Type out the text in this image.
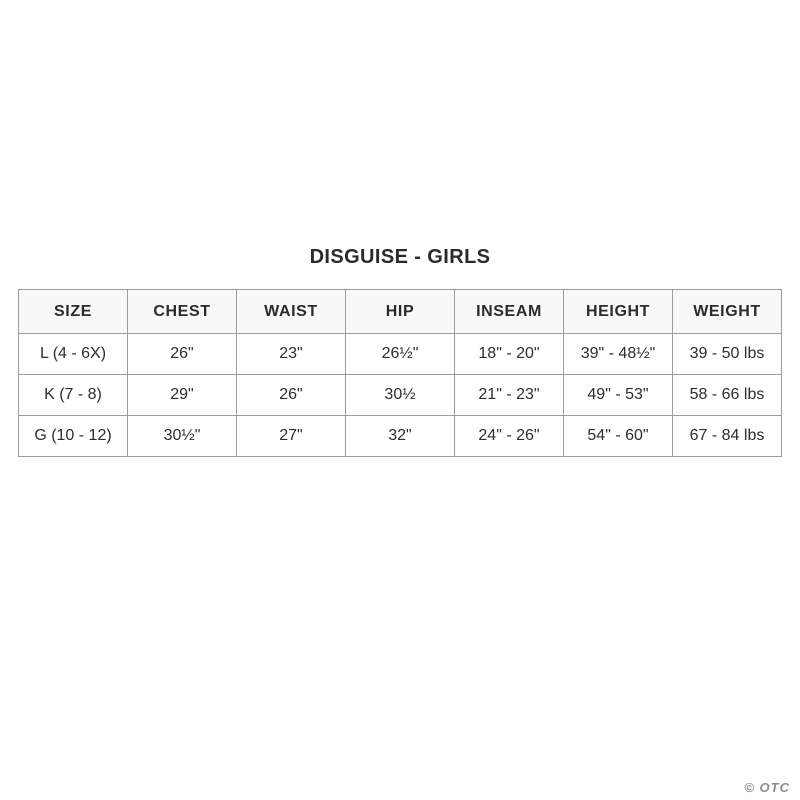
DISGUISE - GIRLS
SIZE	CHEST	WAIST	HIP	INSEAM	HEIGHT	WEIGHT
L (4 - 6X)	26"	23"	26½"	18" - 20"	39" - 48½"	39 - 50 lbs
K (7 - 8)	29"	26"	30½	21" - 23"	49" - 53"	58 - 66 lbs
G (10 - 12)	30½"	27"	32"	24" - 26"	54" - 60"	67 - 84 lbs
© OTC
